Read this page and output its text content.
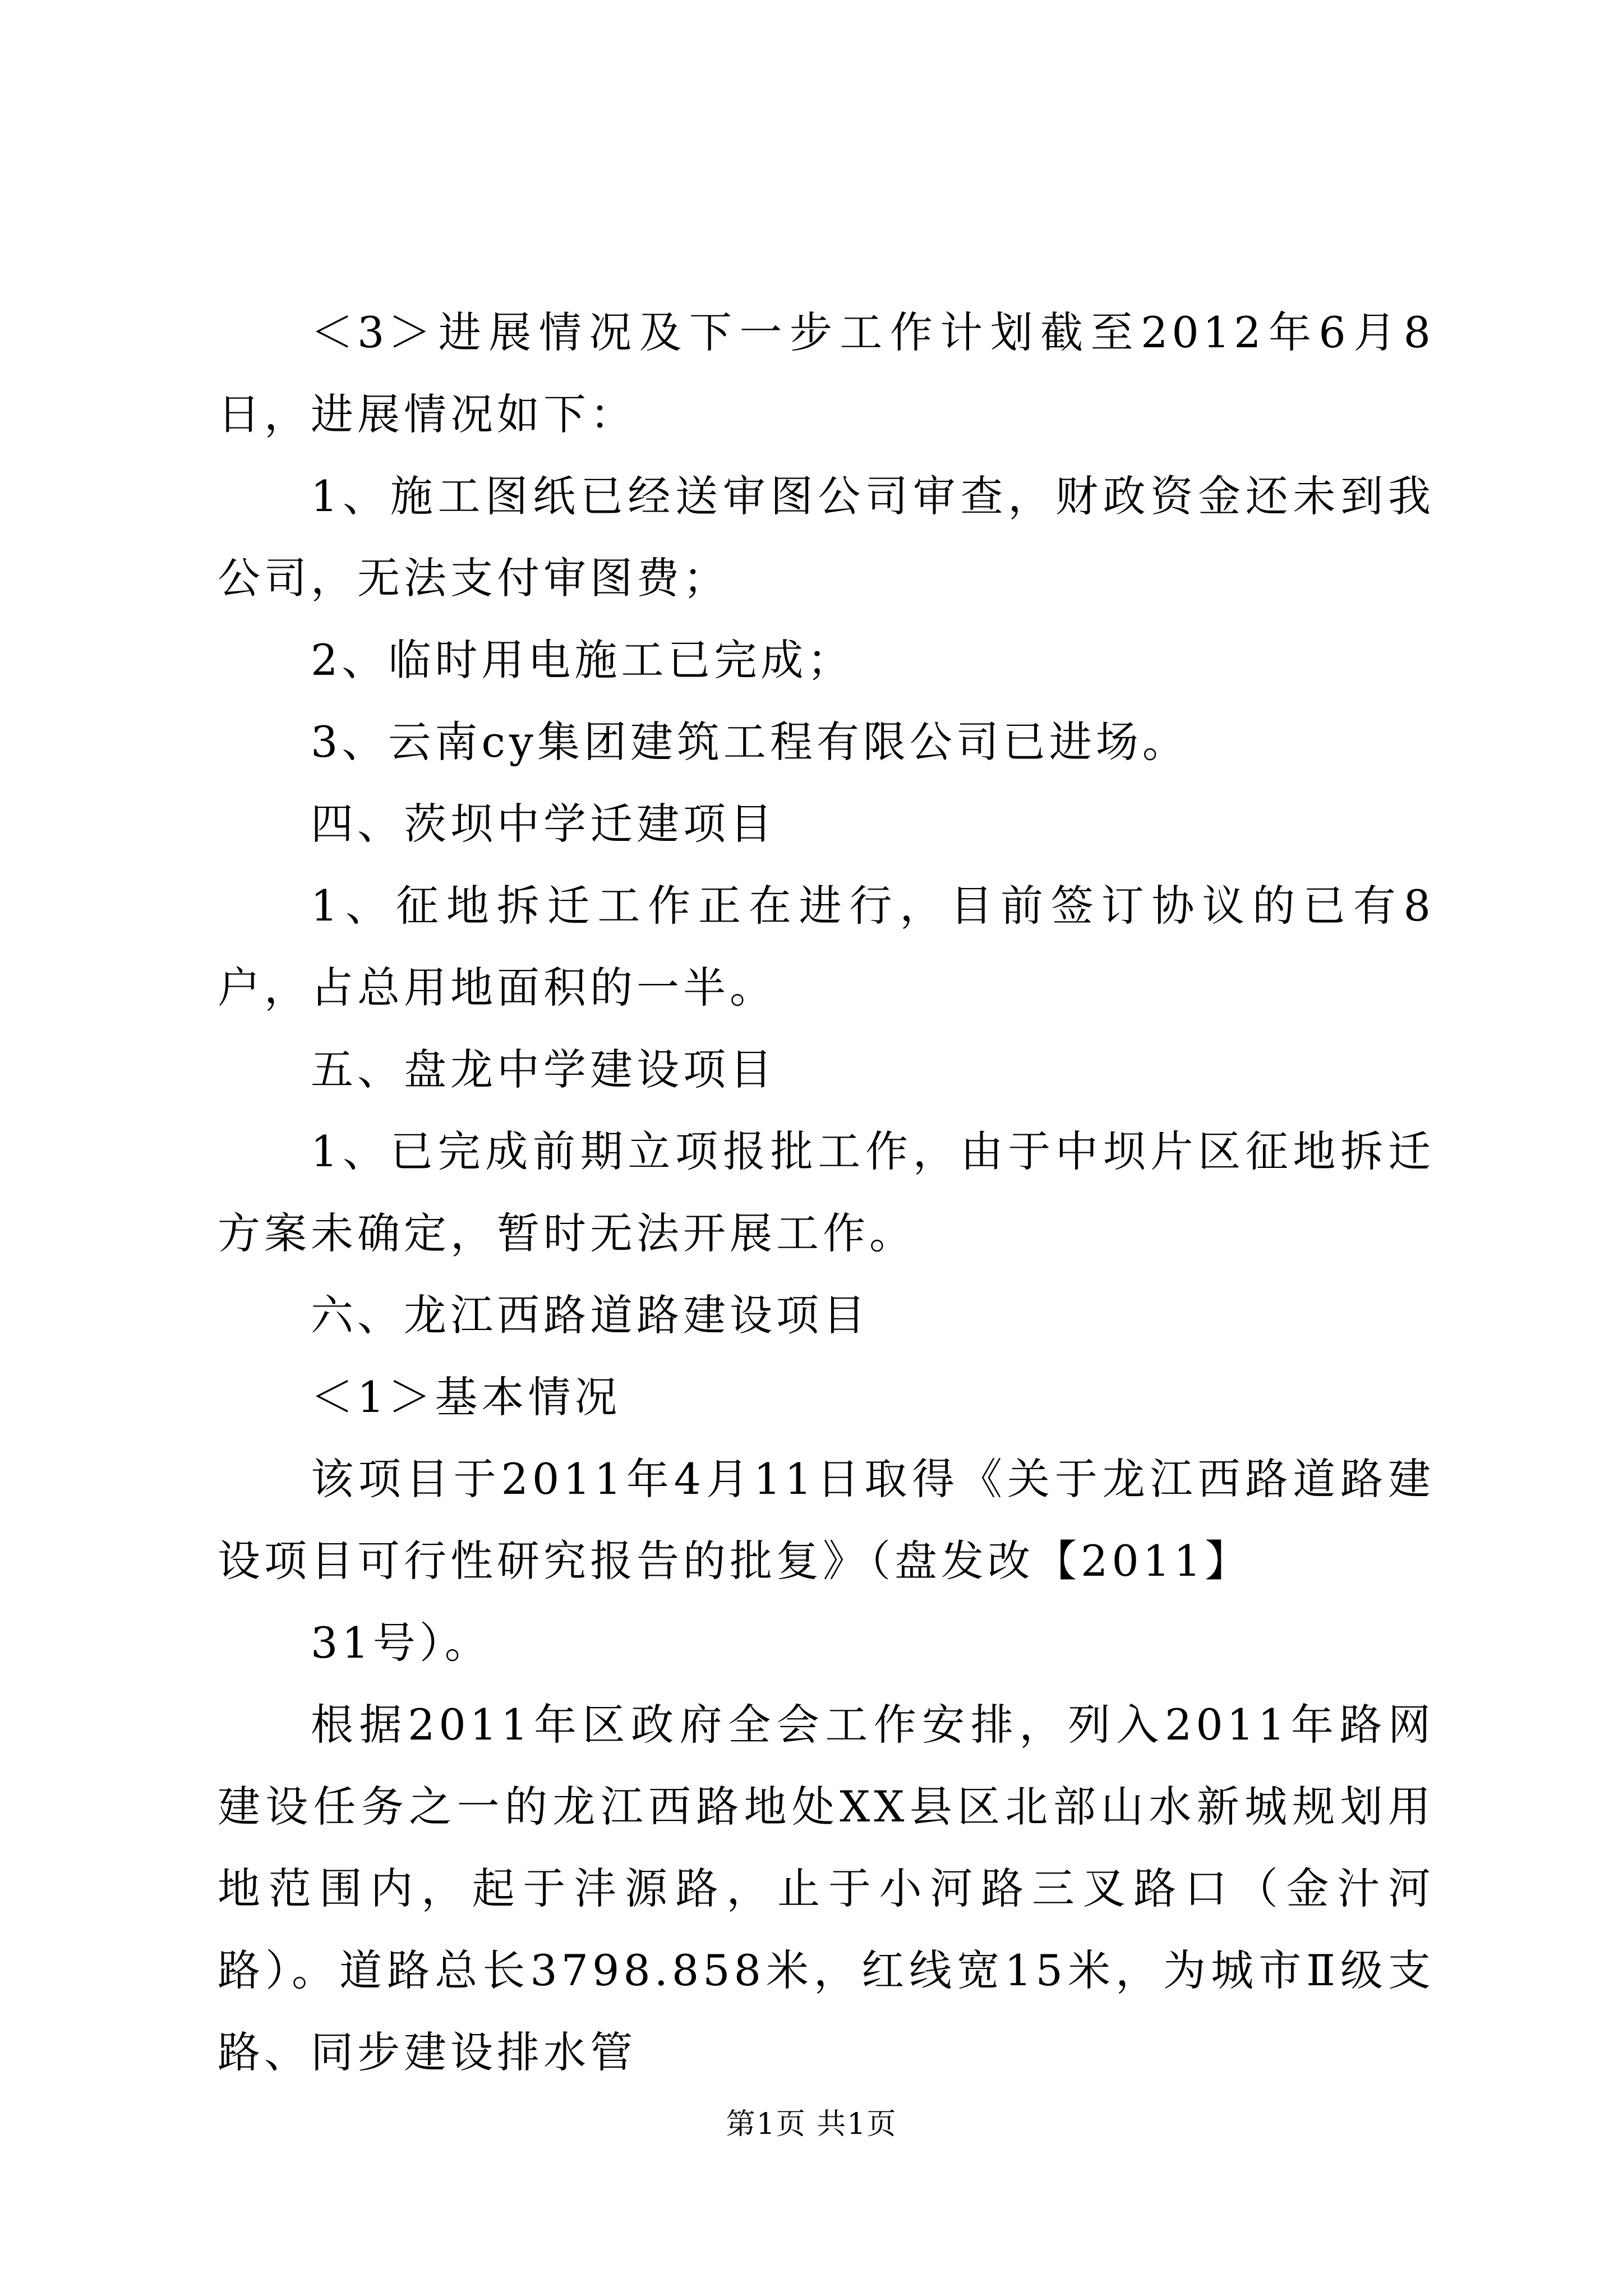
＜3＞进展情况及下一步工作计划截至2012年6月8日，进展情况如下：

1、施工图纸已经送审图公司审查，财政资金还未到我公司，无法支付审图费；

2、临时用电施工已完成；

3、云南cy集团建筑工程有限公司已进场。

四、茨坝中学迁建项目

1、征地拆迁工作正在进行，目前签订协议的已有8户，占总用地面积的一半。

五、盘龙中学建设项目

1、已完成前期立项报批工作，由于中坝片区征地拆迁方案未确定，暂时无法开展工作。

六、龙江西路道路建设项目

＜1＞基本情况

该项目于2011年4月11日取得《关于龙江西路道路建设项目可行性研究报告的批复》（盘发改【2011】

31号）。

根据2011年区政府全会工作安排，列入2011年路网建设任务之一的龙江西路地处XX县区北部山水新城规划用地范围内，起于沣源路，止于小河路三叉路口（金汁河路）。道路总长3798.858米，红线宽15米，为城市Ⅱ级支路、同步建设排水管

第1页 共1页
